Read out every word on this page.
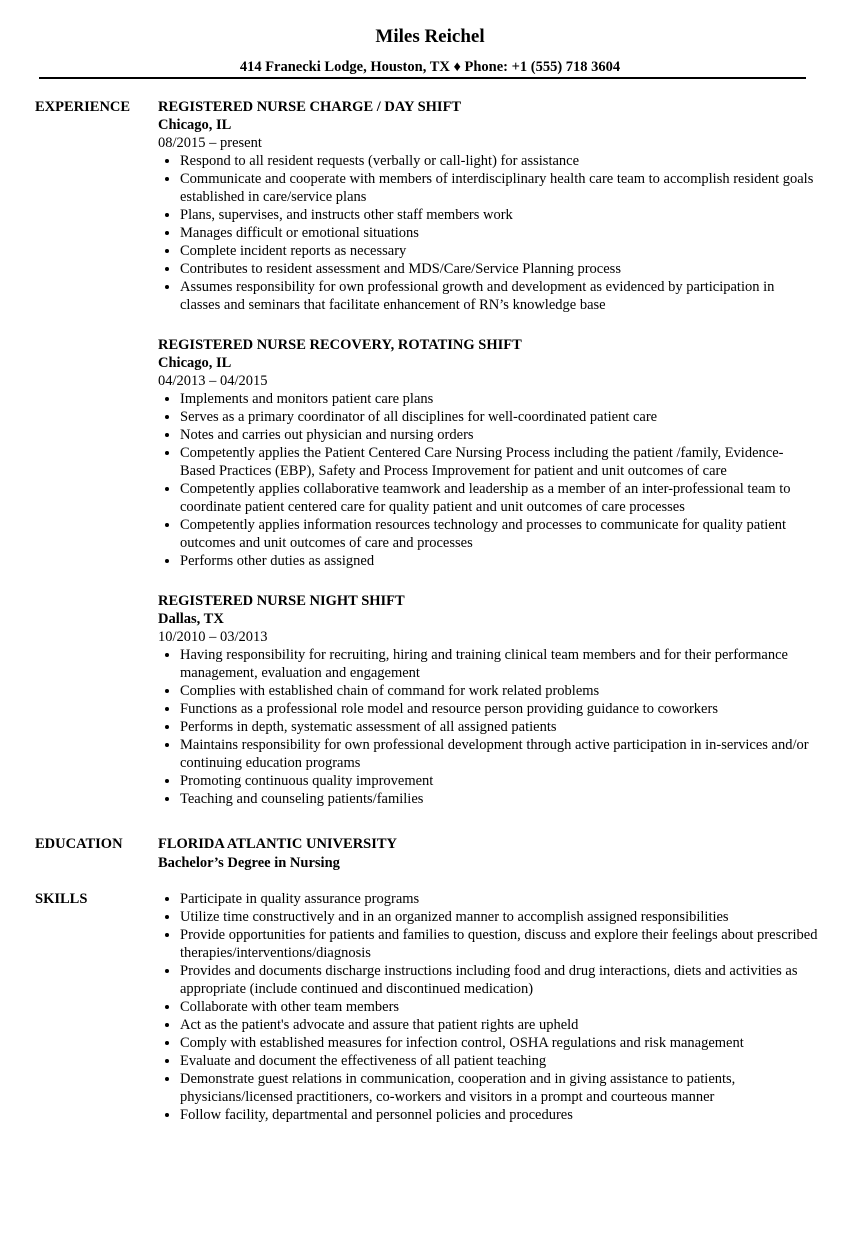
Miles Reichel
414 Franecki Lodge, Houston, TX ♦ Phone: +1 (555) 718 3604
EXPERIENCE REGISTERED NURSE CHARGE / DAY SHIFT
Chicago, IL
08/2015 – present
• Respond to all resident requests (verbally or call-light) for assistance
• Communicate and cooperate with members of interdisciplinary health care team to accomplish resident goals established in care/service plans
• Plans, supervises, and instructs other staff members work
• Manages difficult or emotional situations
• Complete incident reports as necessary
• Contributes to resident assessment and MDS/Care/Service Planning process
• Assumes responsibility for own professional growth and development as evidenced by participation in classes and seminars that facilitate enhancement of RN’s knowledge base
REGISTERED NURSE RECOVERY, ROTATING SHIFT
Chicago, IL
04/2013 – 04/2015
• Implements and monitors patient care plans
• Serves as a primary coordinator of all disciplines for well-coordinated patient care
• Notes and carries out physician and nursing orders
• Competently applies the Patient Centered Care Nursing Process including the patient /family, Evidence-Based Practices (EBP), Safety and Process Improvement for patient and unit outcomes of care
• Competently applies collaborative teamwork and leadership as a member of an inter-professional team to coordinate patient centered care for quality patient and unit outcomes of care processes
• Competently applies information resources technology and processes to communicate for quality patient outcomes and unit outcomes of care and processes
• Performs other duties as assigned
REGISTERED NURSE NIGHT SHIFT
Dallas, TX
10/2010 – 03/2013
• Having responsibility for recruiting, hiring and training clinical team members and for their performance management, evaluation and engagement
• Complies with established chain of command for work related problems
• Functions as a professional role model and resource person providing guidance to coworkers
• Performs in depth, systematic assessment of all assigned patients
• Maintains responsibility for own professional development through active participation in in-services and/or continuing education programs
• Promoting continuous quality improvement
• Teaching and counseling patients/families
EDUCATION FLORIDA ATLANTIC UNIVERSITY
Bachelor’s Degree in Nursing
SKILLS
•	Participate in quality assurance programs
• Utilize time constructively and in an organized manner to accomplish assigned responsibilities
• Provide opportunities for patients and families to question, discuss and explore their feelings about prescribed therapies/interventions/diagnosis
• Provides and documents discharge instructions including food and drug interactions, diets and activities as appropriate (include continued and discontinued medication)
• Collaborate with other team members
• Act as the patient's advocate and assure that patient rights are upheld
• Comply with established measures for infection control, OSHA regulations and risk management
• Evaluate and document the effectiveness of all patient teaching
• Demonstrate guest relations in communication, cooperation and in giving assistance to patients, physicians/licensed practitioners, co-workers and visitors in a prompt and courteous manner
• Follow facility, departmental and personnel policies and procedures
